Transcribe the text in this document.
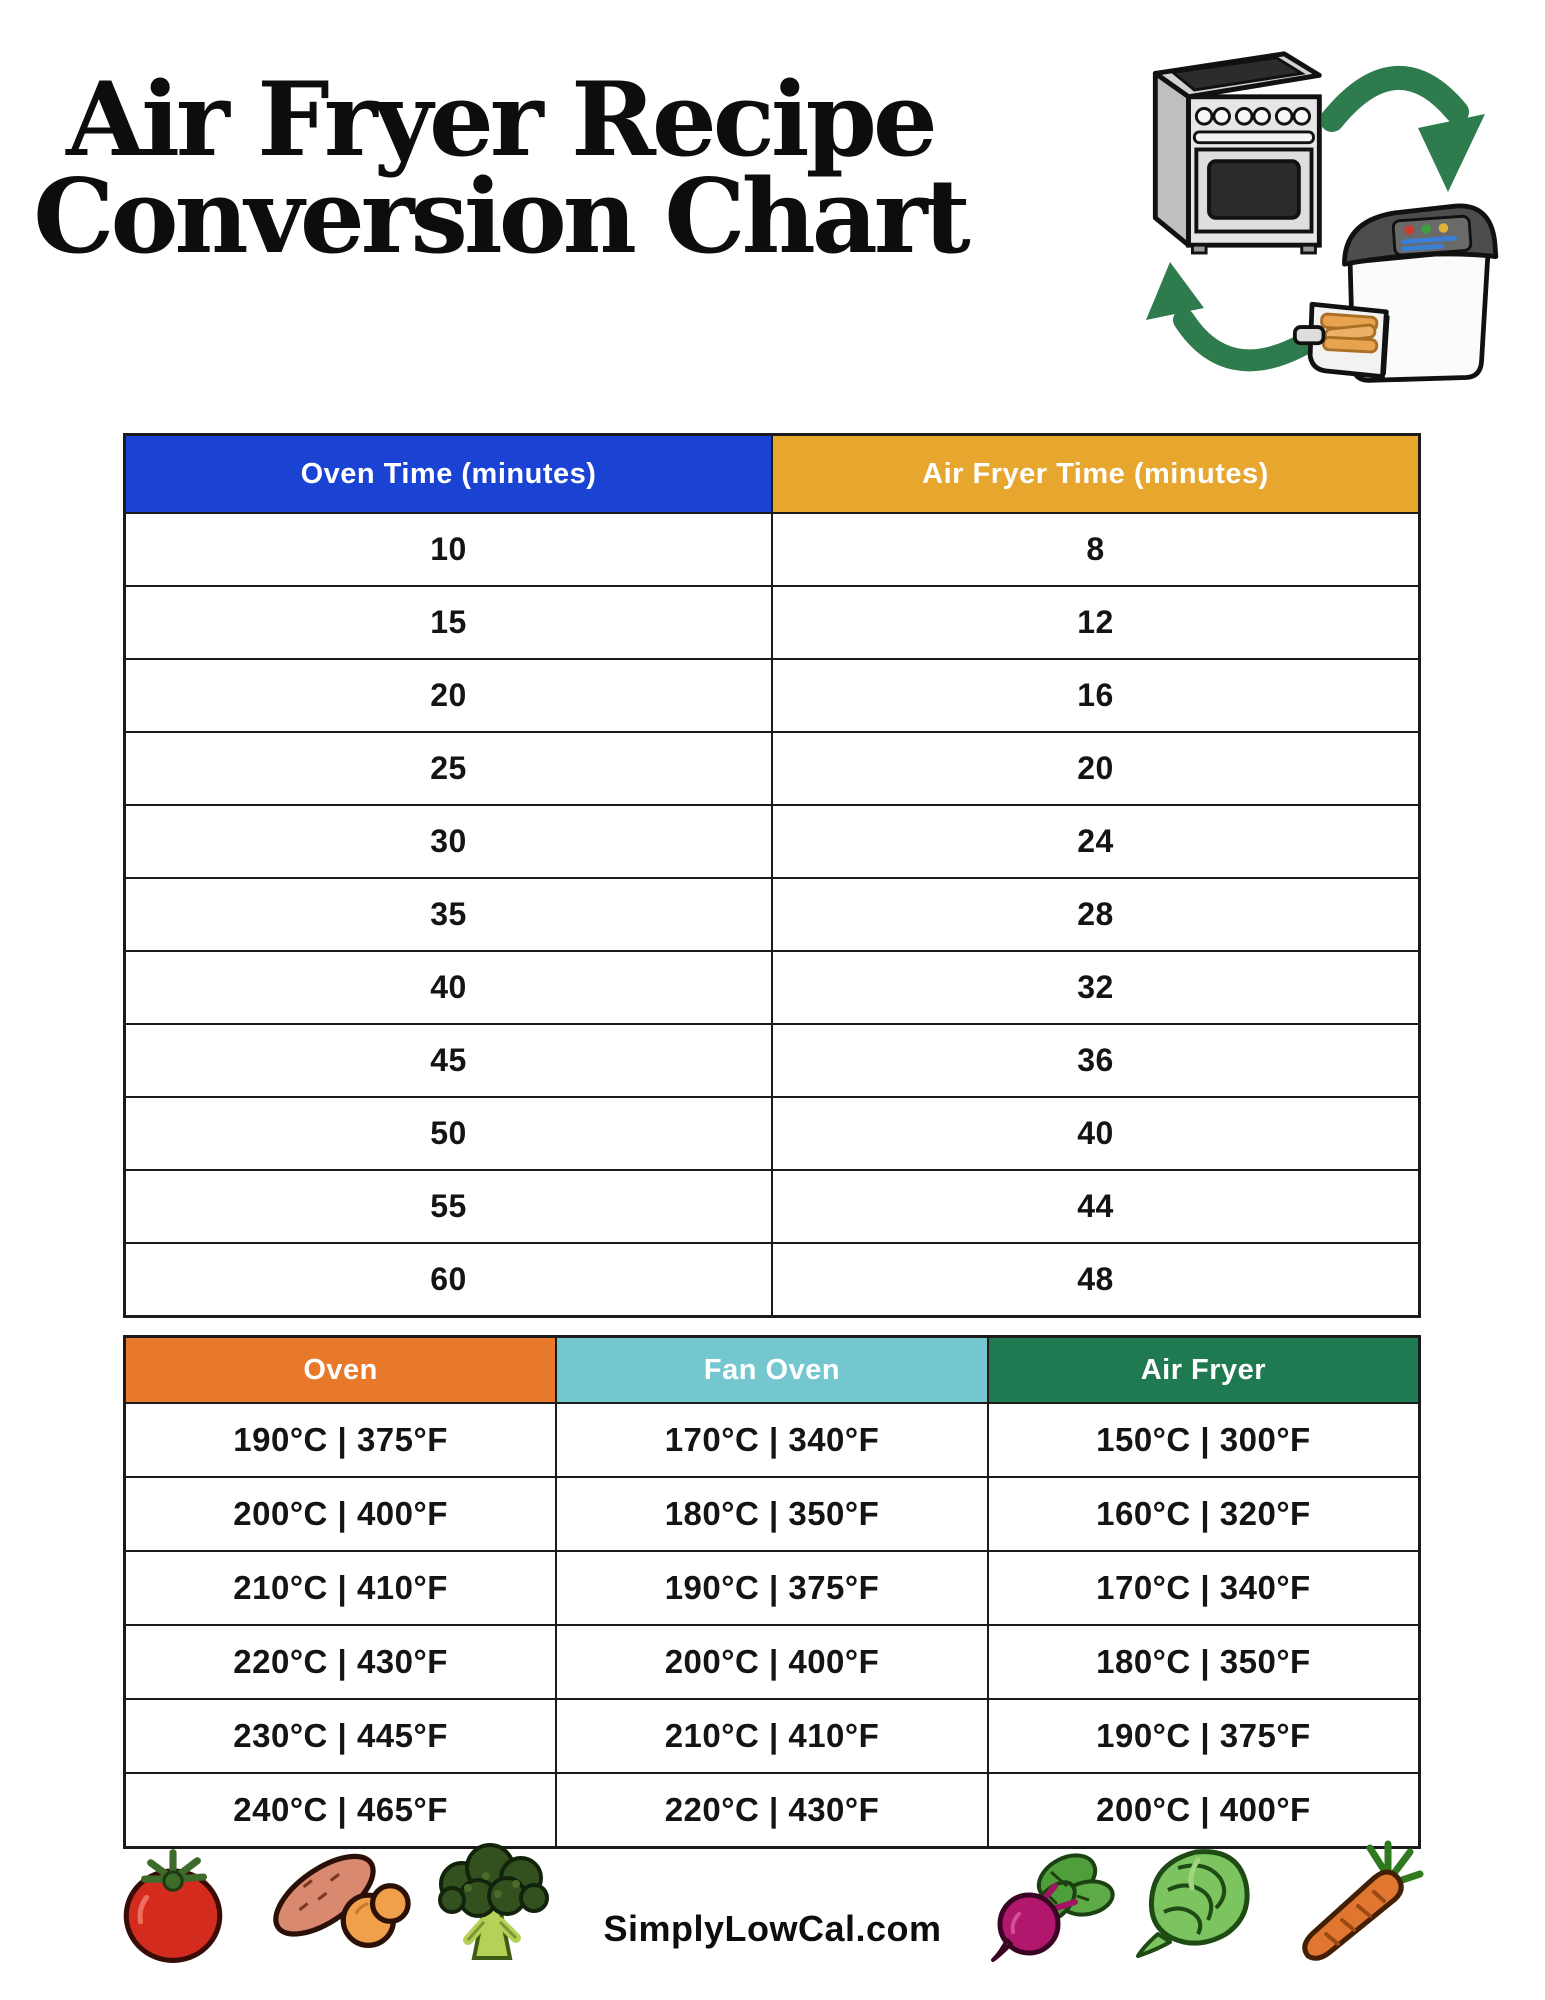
Air Fryer Recipe
Conversion Chart
Oven Time (minutes)	Air Fryer Time (minutes)
10	8
15	12
20	16
25	20
30	24
35	28
40	32
45	36
50	40
55	44
60	48
Oven	Fan Oven	Air Fryer
190°C | 375°F	170°C | 340°F	150°C | 300°F
200°C | 400°F	180°C | 350°F	160°C | 320°F
210°C | 410°F	190°C | 375°F	170°C | 340°F
220°C | 430°F	200°C | 400°F	180°C | 350°F
230°C | 445°F	210°C | 410°F	190°C | 375°F
240°C | 465°F	220°C | 430°F	200°C | 400°F
SimplyLowCal.com
